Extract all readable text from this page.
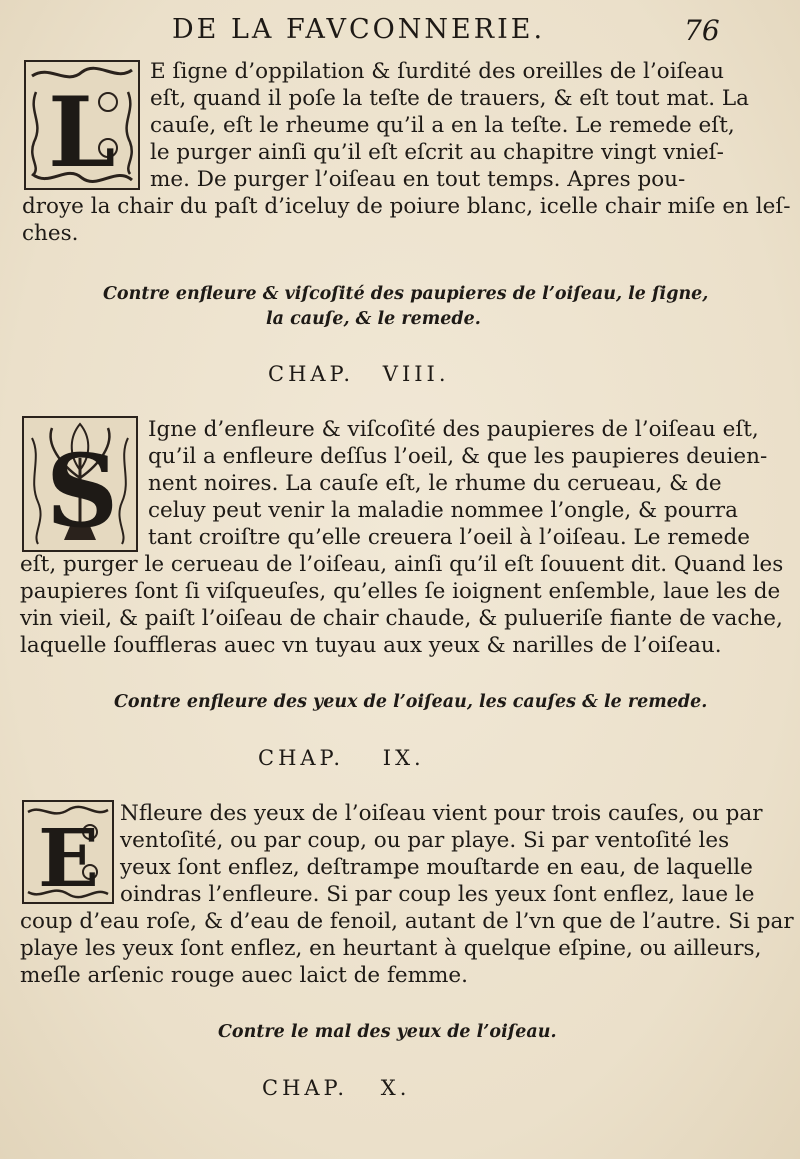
DE LA FAVCONNERIE.	76
L
E ſigne d’oppilation & ſurdité des oreilles de l’oiſeau
eſt, quand il poſe la teſte de trauers, & eſt tout mat. La
cauſe, eſt le rheume qu’il a en la teſte. Le remede eſt,
le purger ainſi qu’il eſt eſcrit au chapitre vingt vnieſ-
me. De purger l’oiſeau en tout temps. Apres pou-
droye la chair du paſt d’iceluy de poiure blanc, icelle chair miſe en leſ-
ches.
Contre enfleure & viſcoſité des paupieres de l’oiſeau, le ſigne,
la cauſe, & le remede.
CHAP. VIII.
S
Igne d’enfleure & viſcoſité des paupieres de l’oiſeau eſt,
qu’il a enfleure deſſus l’oeil, & que les paupieres deuien-
nent noires. La cauſe eſt, le rhume du cerueau, & de
celuy peut venir la maladie nommee l’ongle, & pourra
tant croiſtre qu’elle creuera l’oeil à l’oiſeau. Le remede
eſt, purger le cerueau de l’oiſeau, ainſi qu’il eſt ſouuent dit. Quand les
paupieres ſont ſi viſqueuſes, qu’elles ſe ioignent enſemble, laue les de
vin vieil, & paiſt l’oiſeau de chair chaude, & pulueriſe fiante de vache,
laquelle ſouffleras auec vn tuyau aux yeux & narilles de l’oiſeau.
Contre enfleure des yeux de l’oiſeau, les cauſes & le remede.
CHAP. IX.
E Nfleure des yeux de l’oiſeau vient pour trois cauſes, ou par
ventoſité, ou par coup, ou par playe. Si par ventoſité les
yeux ſont enflez, deſtrampe mouſtarde en eau, de laquelle
oindras l’enfleure. Si par coup les yeux ſont enflez, laue le
coup d’eau roſe, & d’eau de fenoil, autant de l’vn que de l’autre. Si par
playe les yeux ſont enflez, en heurtant à quelque eſpine, ou ailleurs,
meſle arſenic rouge auec laict de femme.
Contre le mal des yeux de l’oiſeau.
CHAP. X.
